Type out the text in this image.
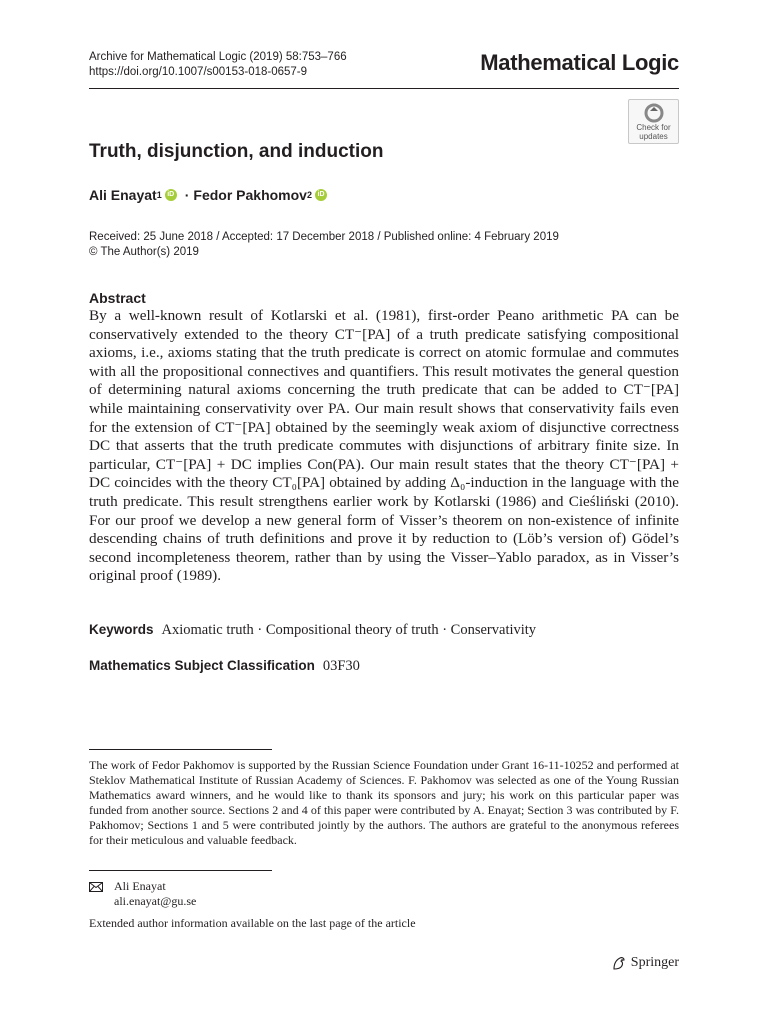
Archive for Mathematical Logic (2019) 58:753–766
https://doi.org/10.1007/s00153-018-0657-9	Mathematical Logic
Check for
updates
Truth, disjunction, and induction
Ali Enayat 1 iD · Fedor Pakhomov 2 iD
Received: 25 June 2018 / Accepted: 17 December 2018 / Published online: 4 February 2019
© The Author(s) 2019
Abstract

By a well-known result of Kotlarski et al. (1981), first-order Peano arithmetic PA can be conservatively extended to the theory CT⁻[PA] of a truth predicate satisfying compositional axioms, i.e., axioms stating that the truth predicate is correct on atomic formulae and commutes with all the propositional connectives and quantifiers. This result motivates the general question of determining natural axioms concerning the truth predicate that can be added to CT⁻[PA] while maintaining conservativity over PA. Our main result shows that conservativity fails even for the extension of CT⁻[PA] obtained by the seemingly weak axiom of disjunctive correctness DC that asserts that the truth predicate commutes with disjunctions of arbitrary finite size. In particular, CT⁻[PA] + DC implies Con(PA). Our main result states that the theory CT⁻[PA] + DC coincides with the theory CT₀[PA] obtained by adding Δ₀-induction in the language with the truth predicate. This result strengthens earlier work by Kotlarski (1986) and Cieśliński (2010). For our proof we develop a new general form of Visser’s theorem on non-existence of infinite descending chains of truth definitions and prove it by reduction to (Löb’s version of) Gödel’s second incompleteness theorem, rather than by using the Visser–Yablo paradox, as in Visser’s original proof (1989).

Keywords Axiomatic truth · Compositional theory of truth · Conservativity
Mathematics Subject Classification 03F30

The work of Fedor Pakhomov is supported by the Russian Science Foundation under Grant 16-11-10252 and performed at Steklov Mathematical Institute of Russian Academy of Sciences. F. Pakhomov was selected as one of the Young Russian Mathematics award winners, and he would like to thank its sponsors and jury; his work on this particular paper was funded from another source. Sections 2 and 4 of this paper were contributed by A. Enayat; Section 3 was contributed by F. Pakhomov; Sections 1 and 5 were contributed jointly by the authors. The authors are grateful to the anonymous referees for their meticulous and valuable feedback.

Ali Enayat
ali.enayat@gu.se
Extended author information available on the last page of the article
Springer
